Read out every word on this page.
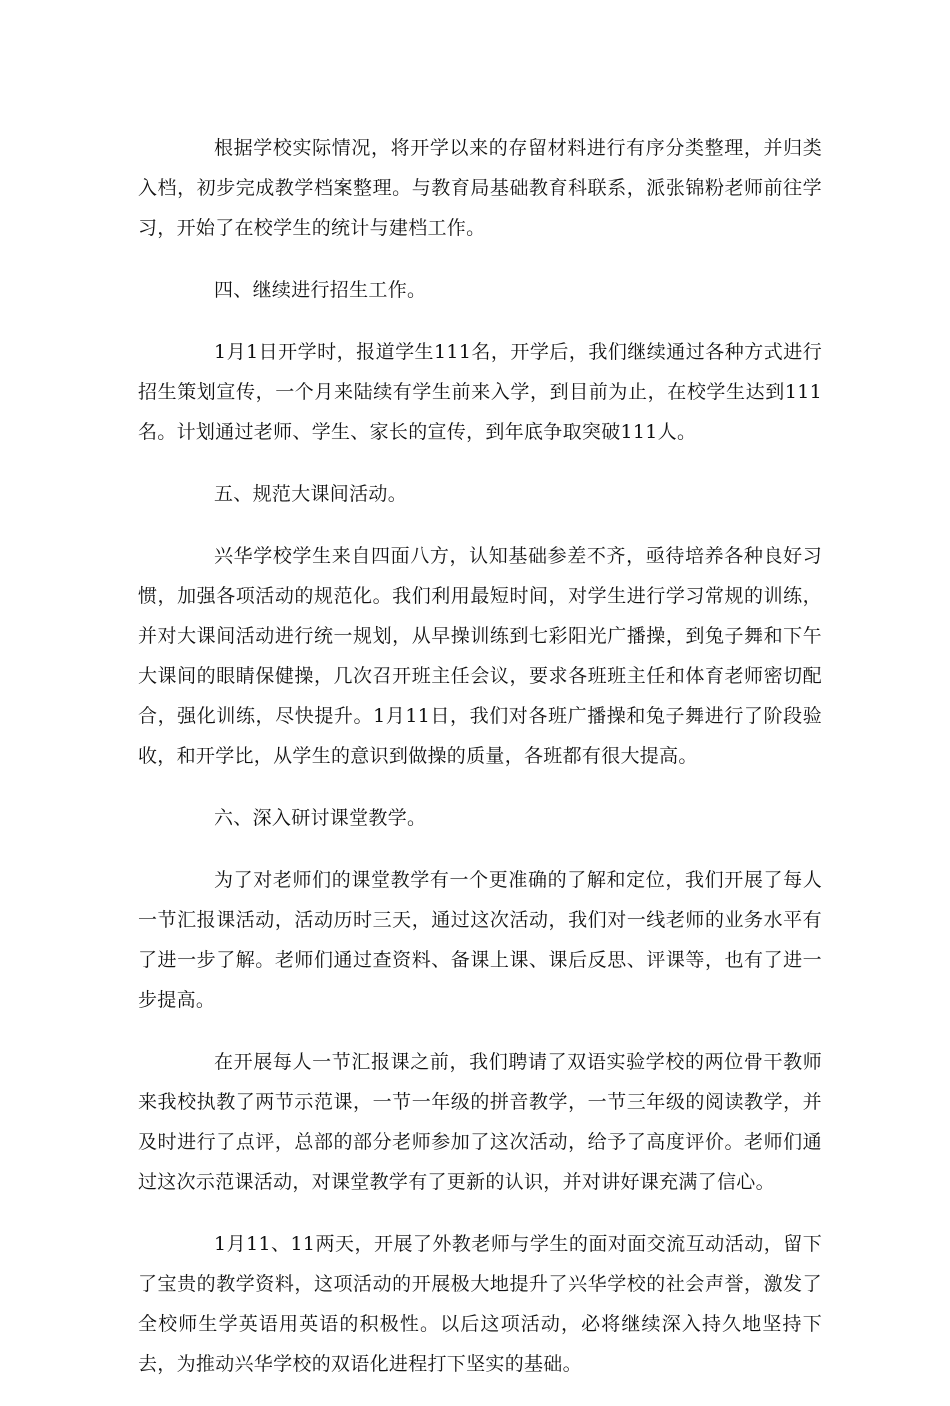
根据学校实际情况，将开学以来的存留材料进行有序分类整理，并归类入档，初步完成教学档案整理。与教育局基础教育科联系，派张锦粉老师前往学习，开始了在校学生的统计与建档工作。

四、继续进行招生工作。

1月1日开学时，报道学生111名，开学后，我们继续通过各种方式进行招生策划宣传，一个月来陆续有学生前来入学，到目前为止，在校学生达到111名。计划通过老师、学生、家长的宣传，到年底争取突破111人。

五、规范大课间活动。

兴华学校学生来自四面八方，认知基础参差不齐，亟待培养各种良好习惯，加强各项活动的规范化。我们利用最短时间，对学生进行学习常规的训练，并对大课间活动进行统一规划，从早操训练到七彩阳光广播操，到兔子舞和下午大课间的眼睛保健操，几次召开班主任会议，要求各班班主任和体育老师密切配合，强化训练，尽快提升。1月11日，我们对各班广播操和兔子舞进行了阶段验收，和开学比，从学生的意识到做操的质量，各班都有很大提高。

六、深入研讨课堂教学。

为了对老师们的课堂教学有一个更准确的了解和定位，我们开展了每人一节汇报课活动，活动历时三天，通过这次活动，我们对一线老师的业务水平有了进一步了解。老师们通过查资料、备课上课、课后反思、评课等，也有了进一步提高。

在开展每人一节汇报课之前，我们聘请了双语实验学校的两位骨干教师来我校执教了两节示范课，一节一年级的拼音教学，一节三年级的阅读教学，并及时进行了点评，总部的部分老师参加了这次活动，给予了高度评价。老师们通过这次示范课活动，对课堂教学有了更新的认识，并对讲好课充满了信心。

1月11、11两天，开展了外教老师与学生的面对面交流互动活动，留下了宝贵的教学资料，这项活动的开展极大地提升了兴华学校的社会声誉，激发了全校师生学英语用英语的积极性。以后这项活动，必将继续深入持久地坚持下去，为推动兴华学校的双语化进程打下坚实的基础。
